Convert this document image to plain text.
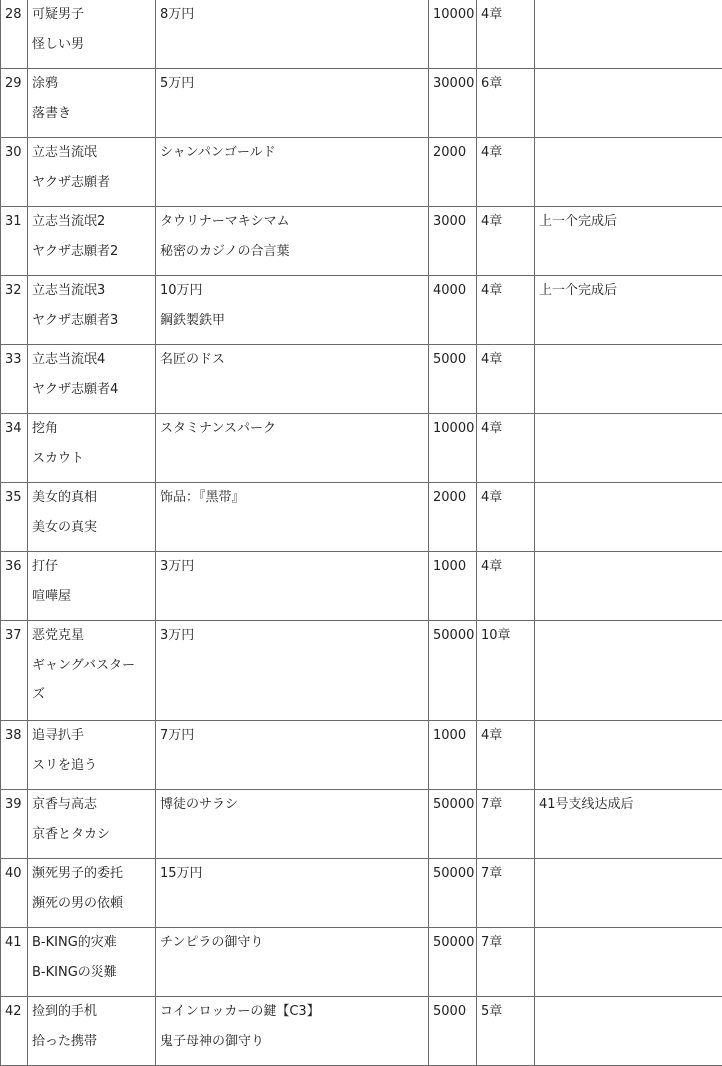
28	可疑男子
怪しい男	8万円	10000	4章	

29	涂鸦
落書き	5万円	30000	6章	

30	立志当流氓
ヤクザ志願者	シャンパンゴールド	2000	4章	

31	立志当流氓2
ヤクザ志願者2	タウリナーマキシマム
秘密のカジノの合言葉	3000	4章	上一个完成后

32	立志当流氓3
ヤクザ志願者3	10万円
鋼鉄製鉄甲	4000	4章	上一个完成后

33	立志当流氓4
ヤクザ志願者4	名匠のドス	5000	4章	

34	挖角
スカウト	スタミナンスパーク	10000	4章	

35	美女的真相
美女の真実	饰品：『黑带』	2000	4章	

36	打仔
喧嘩屋	3万円	1000	4章	

37	恶党克星
ギャングバスター
ズ	3万円	50000	10章	

38	追寻扒手
スリを追う	7万円	1000	4章	

39	京香与高志
京香とタカシ	博徒のサラシ	50000	7章	41号支线达成后

40	濒死男子的委托
瀕死の男の依頼	15万円	50000	7章	

41	B-KING的灾难
B-KINGの災難	チンピラの御守り	50000	7章	

42	捡到的手机
拾った携帯	コインロッカーの鍵【C3】
鬼子母神の御守り	5000	5章	
